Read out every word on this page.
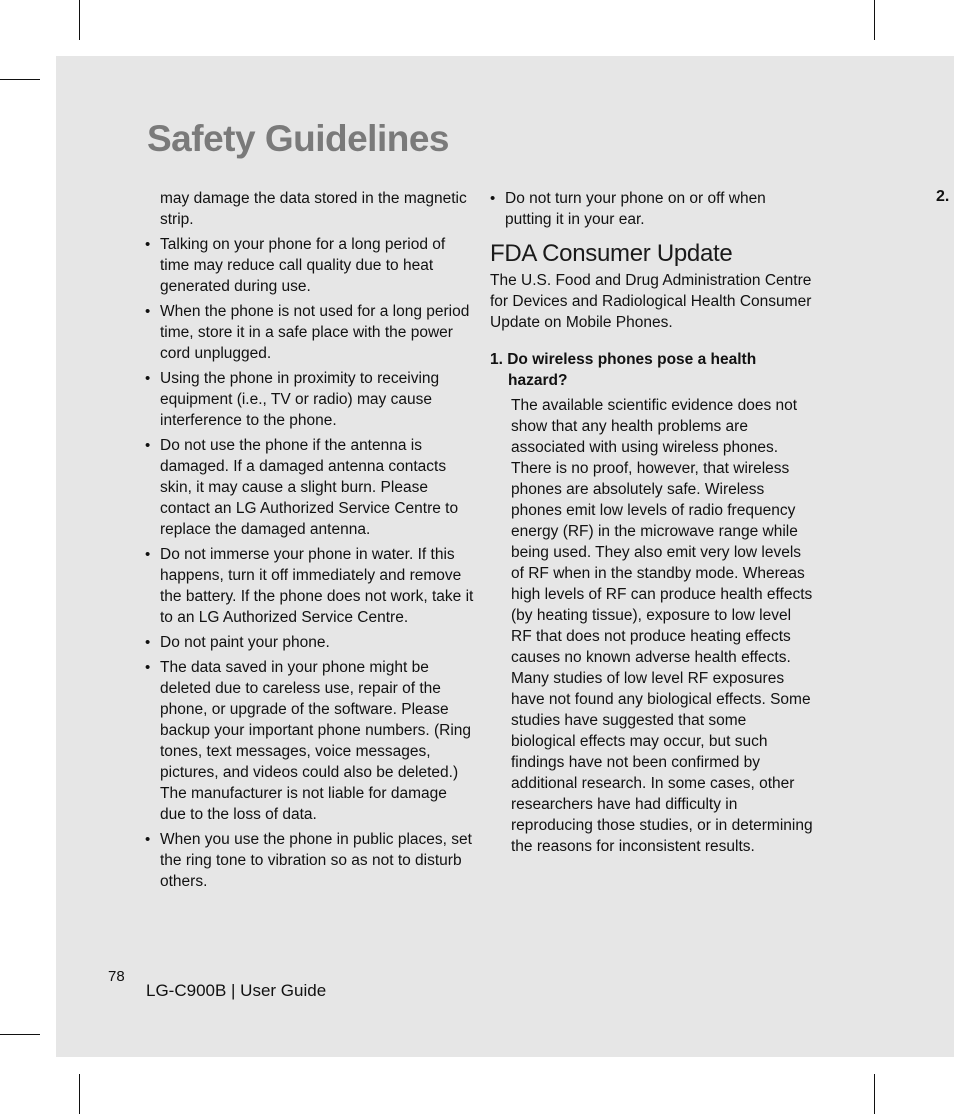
Safety Guidelines
2.

may damage the data stored in the magnetic strip.

• Talking on your phone for a long period of time may reduce call quality due to heat generated during use.
• When the phone is not used for a long period time, store it in a safe place with the power cord unplugged.
• Using the phone in proximity to receiving equipment (i.e., TV or radio) may cause interference to the phone.
• Do not use the phone if the antenna is damaged. If a damaged antenna contacts skin, it may cause a slight burn. Please contact an LG Authorized Service Centre to replace the damaged antenna.
• Do not immerse your phone in water. If this happens, turn it off immediately and remove the battery. If the phone does not work, take it to an LG Authorized Service Centre.
• Do not paint your phone.
• The data saved in your phone might be deleted due to careless use, repair of the phone, or upgrade of the software. Please backup your important phone numbers. (Ring tones, text messages, voice messages, pictures, and videos could also be deleted.) The manufacturer is not liable for damage due to the loss of data.
• When you use the phone in public places, set the ring tone to vibration so as not to disturb others.
• Do not turn your phone on or off when putting it in your ear.
FDA Consumer Update

The U.S. Food and Drug Administration Centre for Devices and Radiological Health Consumer Update on Mobile Phones.

1. Do wireless phones pose a health hazard?

The available scientific evidence does not show that any health problems are associated with using wireless phones. There is no proof, however, that wireless phones are absolutely safe. Wireless phones emit low levels of radio frequency energy (RF) in the microwave range while being used. They also emit very low levels of RF when in the standby mode. Whereas high levels of RF can produce health effects (by heating tissue), exposure to low level RF that does not produce heating effects causes no known adverse health effects. Many studies of low level RF exposures have not found any biological effects. Some studies have suggested that some biological effects may occur, but such findings have not been confirmed by additional research. In some cases, other researchers have had difficulty in reproducing those studies, or in determining the reasons for inconsistent results.

78
LG-C900B | User Guide
